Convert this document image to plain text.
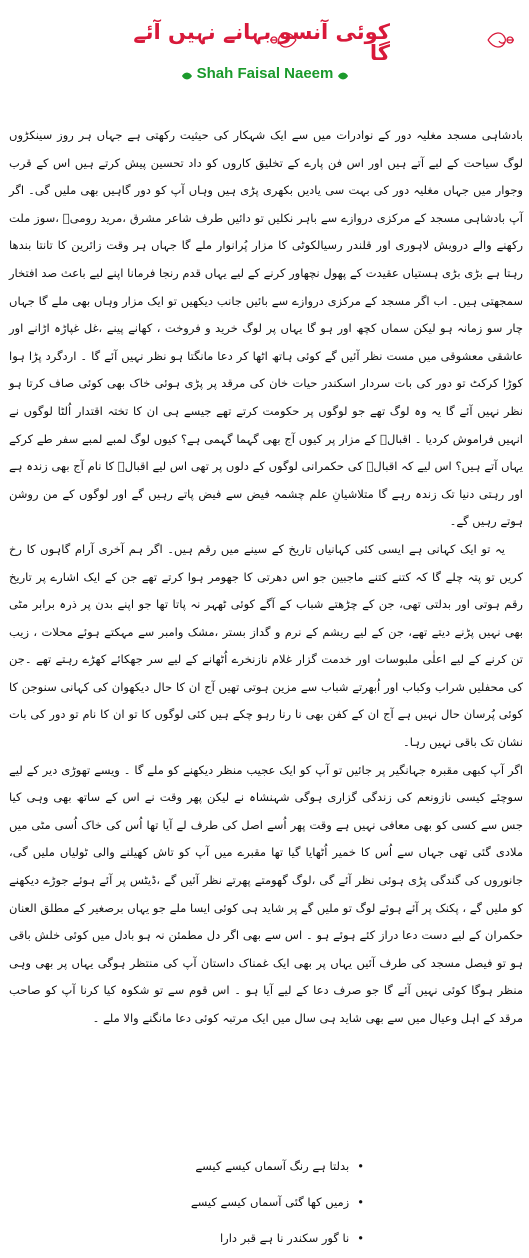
کوئی آنسو بہانے نہیں آئے گا
Shah Faisal Naeem

بادشاہی مسجد مغلیہ دور کے نوادرات میں سے ایک شہکار کی حیثیت رکھتی ہے جہاں ہر روز سینکڑوں لوگ سیاحت کے لیے آتے ہیں اور اس فن پارے کے تخلیق کاروں کو داد تحسین پیش کرتے ہیں اس کے قرب وجوار میں جہاں مغلیہ دور کی بہت سی یادیں بکھری پڑی ہیں وہاں آپ کو دور گاہیں بھی ملیں گی۔ اگر آپ بادشاہی مسجد کے مرکزی دروازے سے باہر نکلیں تو دائیں طرف شاعر مشرق ،مرید رومیؒ ،سوز ملت رکھنے والے درویش لاہوری اور قلندر رسیالکوٹی کا مزار پُرانوار ملے گا جہاں ہر وقت زائرین کا تانتا بندھا رہتا ہے بڑی بڑی ہستیاں عقیدت کے پھول نچھاور کرنے کے لیے یہاں قدم رنجا فرمانا اپنے لیے باعث صد افتخار سمجھتی ہیں۔ اب اگر مسجد کے مرکزی دروازے سے بائیں جانب دیکھیں تو ایک مزار وہاں بھی ملے گا جہاں چار سو زمانہ ہو لیکن سماں کچھ اور ہو گا یہاں پر لوگ خرید و فروخت ، کھانے پینے ،غل غپاڑہ اڑانے اور عاشقی معشوقی میں مست نظر آئیں گے کوئی ہاتھ اٹھا کر دعا مانگتا ہو نظر نہیں آئے گا ۔ اردگرد پڑا ہوا کوڑا کرکٹ تو دور کی بات سردار اسکندر حیات خان کی مرقد پر پڑی ہوئی خاک بھی کوئی صاف کرتا ہو نظر نہیں آئے گا یہ وہ لوگ تھے جو لوگوں پر حکومت کرتے تھے جیسے ہی ان کا تختہ اقتدار اُلٹا لوگوں نے انہیں فراموش کردیا ۔ اقبالؒ کے مزار پر کیوں آج بھی گہما گہمی ہے؟ کیوں لوگ لمبے لمبے سفر طے کرکے یہاں آتے ہیں؟ اس لیے کہ اقبالؒ کی حکمرانی لوگوں کے دلوں پر تھی اس لیے اقبالؒ کا نام آج بھی زندہ ہے اور رہتی دنیا تک زندہ رہے گا متلاشیانِ علم چشمہ فیض سے فیض پاتے رہیں گے اور لوگوں کے من روشن ہوتے رہیں گے۔

یہ تو ایک کہانی ہے ایسی کئی کہانیاں تاریخ کے سینے میں رقم ہیں۔ اگر ہم آخری آرام گاہوں کا رخ کریں تو پتہ چلے گا کہ کتنے کتنے ماجبین جو اس دھرتی کا جھومر ہوا کرتے تھے جن کے ایک اشارے پر تاریخ رقم ہوتی اور بدلتی تھی، جن کے چڑھتے شباب کے آگے کوئی ٹھہر نہ پاتا تھا جو اپنے بدن پر ذرہ برابر مٹی بھی نہیں پڑنے دیتے تھے، جن کے لیے ریشم کے نرم و گداز بستر ،مشک وامبر سے مہکتے ہوئے محلات ، زیب تن کرنے کے لیے اعلٰی ملبوسات اور خدمت گزار غلام نازنخرے اُٹھانے کے لیے سر جھکائے کھڑے رہتے تھے ۔جن کی محفلیں شراب وکباب اور اُبھرتے شباب سے مزین ہوتی تھیں آج ان کا حال دیکھوان کی کہانی سنوجن کا کوئی پُرسان حال نہیں ہے آج ان کے کفن بھی نا رنا رہو چکے ہیں کئی لوگوں کا تو ان کا نام تو دور کی بات نشان تک باقی نہیں رہا۔

اگر آپ کبھی مقبرہ جہانگیر پر جائیں تو آپ کو ایک عجیب منظر دیکھنے کو ملے گا ۔ ویسے تھوڑی دیر کے لیے سوچئے کیسی نازونعم کی زندگی گزاری ہوگی شہنشاہ نے لیکن پھر وقت نے اس کے ساتھ بھی وہی کیا جس سے کسی کو بھی معافی نہیں ہے وقت پھر اُسے اصل کی طرف لے آیا تھا اُس کی خاک اُسی مٹی میں ملادی گئی تھی جہاں سے اُس کا خمیر اُٹھایا گیا تھا مقبرے میں آپ کو تاش کھیلنے والی ٹولیاں ملیں گی، جانوروں کی گندگی پڑی ہوئی نظر آئے گی ،لوگ گھومتے پھرتے نظر آئیں گے ،ڈیٹس پر آئے ہوئے جوڑے دیکھنے کو ملیں گے ، پکنک پر آئے ہوئے لوگ تو ملیں گے پر شاید ہی کوئی ایسا ملے جو یہاں برصغیر کے مطلق العنان حکمران کے لیے دست دعا دراز کئے ہوئے ہو ۔ اس سے بھی اگر دل مطمئن نہ ہو بادل میں کوئی خلش باقی ہو تو فیصل مسجد کی طرف آئیں یہاں پر بھی ایک غمناک داستان آپ کی منتظر ہوگی یہاں پر بھی وہی منظر ہوگا کوئی نہیں آئے گا جو صرف دعا کے لیے آیا ہو ۔ اس قوم سے تو شکوہ کیا کرنا آپ کو صاحب مرقد کے اہل وعیال میں سے بھی شاید ہی سال میں ایک مرتبہ کوئی دعا مانگنے والا ملے ۔

•بدلتا ہے رنگ آسماں کیسے کیسے
•زمیں کھا گئی آسماں کیسے کیسے
•نا گور سکندر نا ہے قبر دارا
